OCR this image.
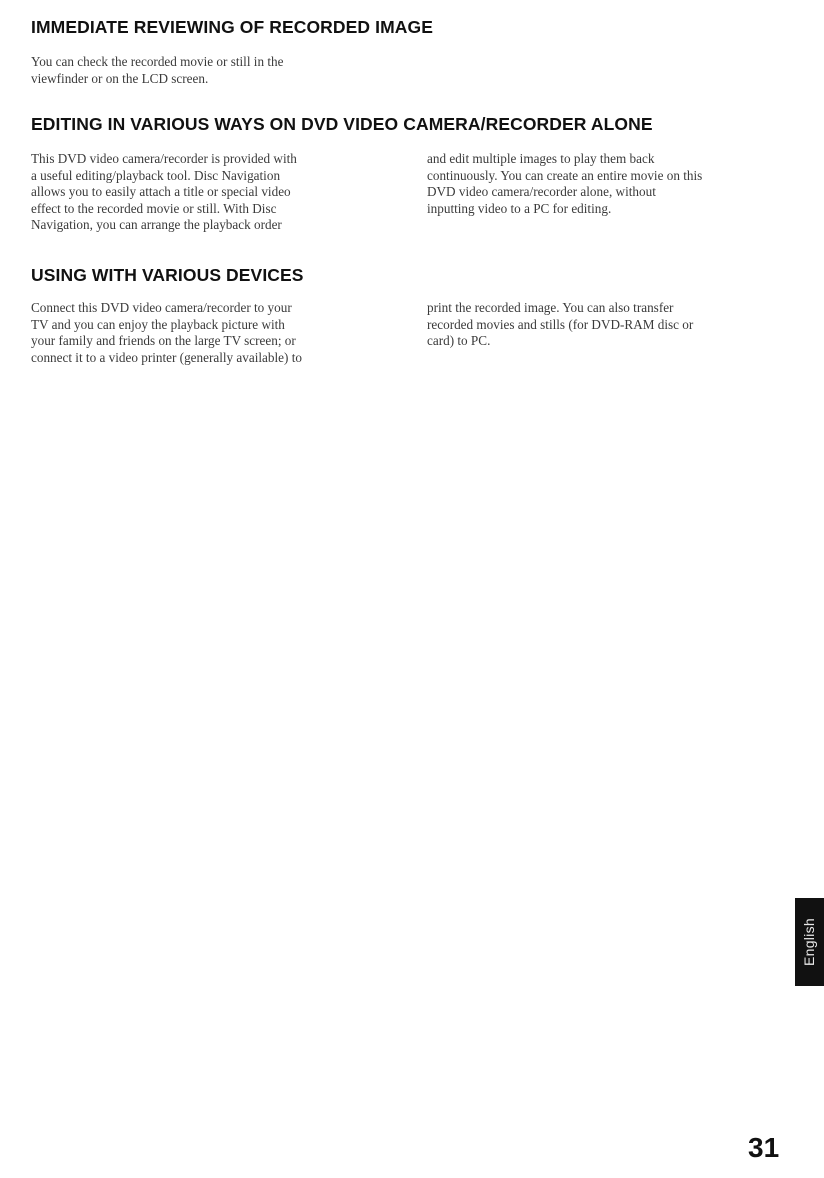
IMMEDIATE REVIEWING OF RECORDED IMAGE

You can check the recorded movie or still in the
viewfinder or on the LCD screen.

EDITING IN VARIOUS WAYS ON DVD VIDEO CAMERA/RECORDER ALONE

This DVD video camera/recorder is provided with
a useful editing/playback tool. Disc Navigation
allows you to easily attach a title or special video
effect to the recorded movie or still. With Disc
Navigation, you can arrange the playback order

and edit multiple images to play them back
continuously. You can create an entire movie on this
DVD video camera/recorder alone, without
inputting video to a PC for editing.

USING WITH VARIOUS DEVICES

Connect this DVD video camera/recorder to your
TV and you can enjoy the playback picture with
your family and friends on the large TV screen; or
connect it to a video printer (generally available) to

print the recorded image. You can also transfer
recorded movies and stills (for DVD-RAM disc or
card) to PC.

English

31
